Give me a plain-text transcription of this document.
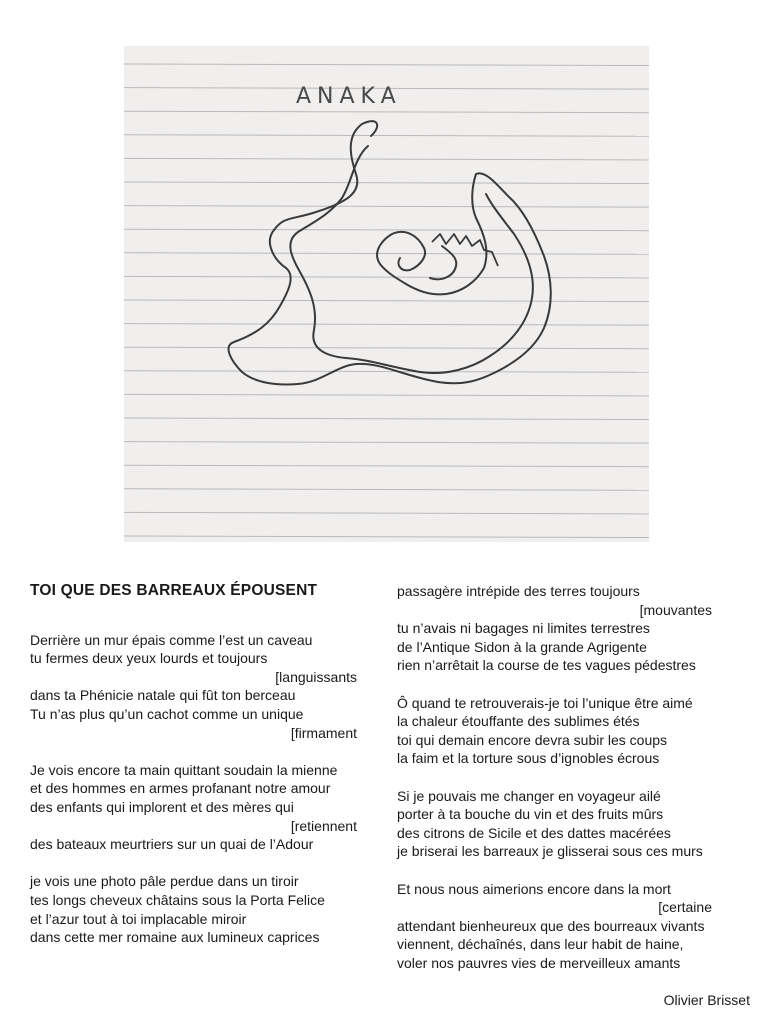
ANAKA
TOI QUE DES BARREAUX ÉPOUSENT
Derrière un mur épais comme l’est un caveau
tu fermes deux yeux lourds et toujours
[languissants
dans ta Phénicie natale qui fût ton berceau
Tu n’as plus qu’un cachot comme un unique
[firmament
Je vois encore ta main quittant soudain la mienne
et des hommes en armes profanant notre amour
des enfants qui implorent et des mères qui
[retiennent
des bateaux meurtriers sur un quai de l’Adour
je vois une photo pâle perdue dans un tiroir
tes longs cheveux châtains sous la Porta Felice
et l’azur tout à toi implacable miroir
dans cette mer romaine aux lumineux caprices
passagère intrépide des terres toujours
[mouvantes
tu n’avais ni bagages ni limites terrestres
de l’Antique Sidon à la grande Agrigente
rien n’arrêtait la course de tes vagues pédestres
Ô quand te retrouverais-je toi l’unique être aimé
la chaleur étouffante des sublimes étés
toi qui demain encore devra subir les coups
la faim et la torture sous d’ignobles écrous
Si je pouvais me changer en voyageur ailé
porter à ta bouche du vin et des fruits mûrs
des citrons de Sicile et des dattes macérées
je briserai les barreaux je glisserai sous ces murs
Et nous nous aimerions encore dans la mort
[certaine
attendant bienheureux que des bourreaux vivants
viennent, déchaînés, dans leur habit de haine,
voler nos pauvres vies de merveilleux amants
Olivier Brisset
